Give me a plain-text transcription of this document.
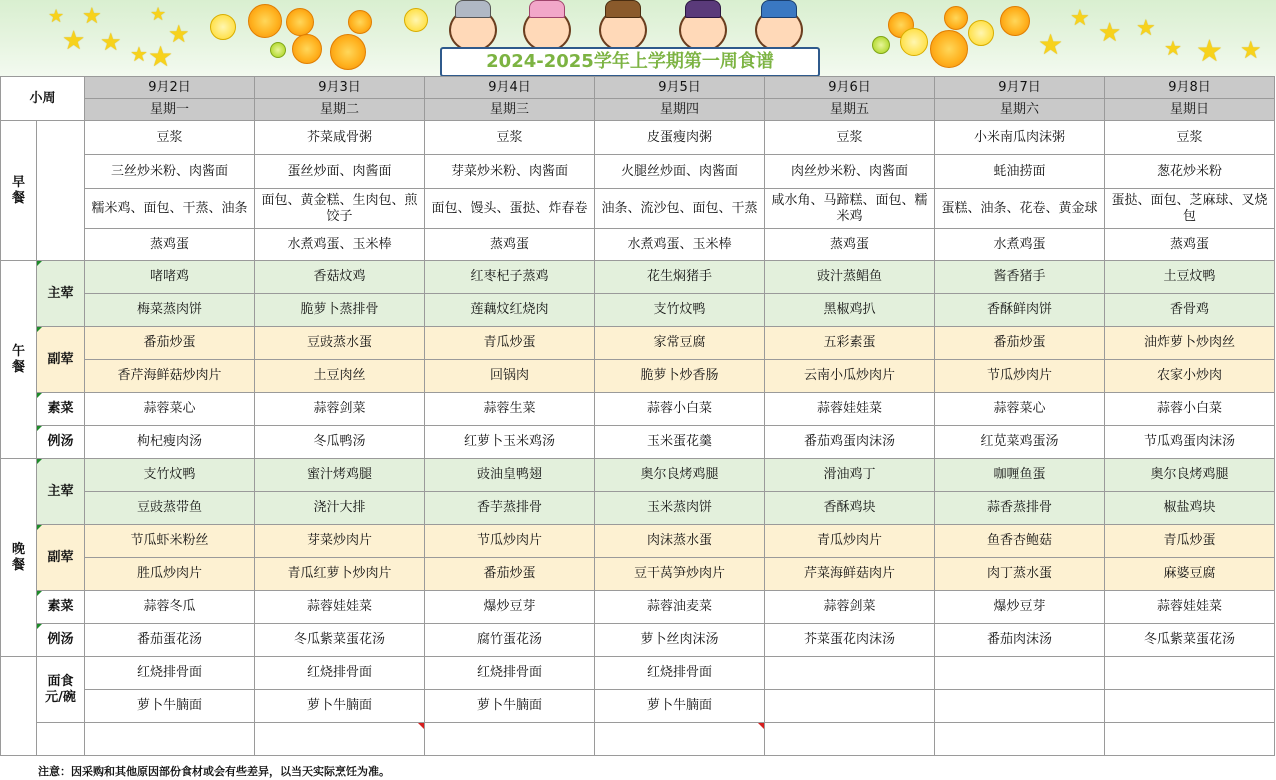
★ ★
★ ★
★
★
★ ★	2024-2025学年上学期第一周食谱
★
★ ★ ★
★ ★ ★
小周		9月2日	9月3日	9月4日	9月5日	9月6日	9月7日	9月8日
		星期一	星期二	星期三	星期四	星期五	星期六	星期日
早
餐		豆浆	芥菜咸骨粥	豆浆	皮蛋瘦肉粥	豆浆	小米南瓜肉沫粥	豆浆
		三丝炒米粉、肉酱面	蛋丝炒面、肉酱面	芽菜炒米粉、肉酱面	火腿丝炒面、肉酱面	肉丝炒米粉、肉酱面	蚝油捞面	葱花炒米粉
		糯米鸡、面包、干蒸、油条	面包、黄金糕、生肉包、煎饺子	面包、馒头、蛋挞、炸春卷	油条、流沙包、面包、干蒸	咸水角、马蹄糕、面包、糯米鸡	蛋糕、油条、花卷、黄金球	蛋挞、面包、芝麻球、叉烧包
		蒸鸡蛋	水煮鸡蛋、玉米棒	蒸鸡蛋	水煮鸡蛋、玉米棒	蒸鸡蛋	水煮鸡蛋	蒸鸡蛋
午
餐	主荤	啫啫鸡	香菇炆鸡	红枣杞子蒸鸡	花生焖猪手	豉汁蒸鲳鱼	酱香猪手	土豆炆鸭
		梅菜蒸肉饼	脆萝卜蒸排骨	莲藕炆红烧肉	支竹炆鸭	黑椒鸡扒	香酥鲜肉饼	香骨鸡
	副荤	番茄炒蛋	豆豉蒸水蛋	青瓜炒蛋	家常豆腐	五彩素蛋	番茄炒蛋	油炸萝卜炒肉丝
		香芹海鲜菇炒肉片	土豆肉丝	回锅肉	脆萝卜炒香肠	云南小瓜炒肉片	节瓜炒肉片	农家小炒肉
	素菜	蒜蓉菜心	蒜蓉剑菜	蒜蓉生菜	蒜蓉小白菜	蒜蓉娃娃菜	蒜蓉菜心	蒜蓉小白菜
	例汤	枸杞瘦肉汤	冬瓜鸭汤	红萝卜玉米鸡汤	玉米蛋花羹	番茄鸡蛋肉沫汤	红苋菜鸡蛋汤	节瓜鸡蛋肉沫汤
晚
餐	主荤	支竹炆鸭	蜜汁烤鸡腿	豉油皇鸭翅	奥尔良烤鸡腿	滑油鸡丁	咖喱鱼蛋	奥尔良烤鸡腿
		豆豉蒸带鱼	浇汁大排	香芋蒸排骨	玉米蒸肉饼	香酥鸡块	蒜香蒸排骨	椒盐鸡块
	副荤	节瓜虾米粉丝	芽菜炒肉片	节瓜炒肉片	肉沫蒸水蛋	青瓜炒肉片	鱼香杏鲍菇	青瓜炒蛋
		胜瓜炒肉片	青瓜红萝卜炒肉片	番茄炒蛋	豆干莴笋炒肉片	芹菜海鲜菇肉片	肉丁蒸水蛋	麻婆豆腐
	素菜	蒜蓉冬瓜	蒜蓉娃娃菜	爆炒豆芽	蒜蓉油麦菜	蒜蓉剑菜	爆炒豆芽	蒜蓉娃娃菜
	例汤	番茄蛋花汤	冬瓜紫菜蛋花汤	腐竹蛋花汤	萝卜丝肉沫汤	芥菜蛋花肉沫汤	番茄肉沫汤	冬瓜紫菜蛋花汤
	面食
元/碗	红烧排骨面	红烧排骨面	红烧排骨面	红烧排骨面			
		萝卜牛腩面	萝卜牛腩面	萝卜牛腩面	萝卜牛腩面			

注意：因采购和其他原因部份食材或会有些差异，以当天实际烹饪为准。
